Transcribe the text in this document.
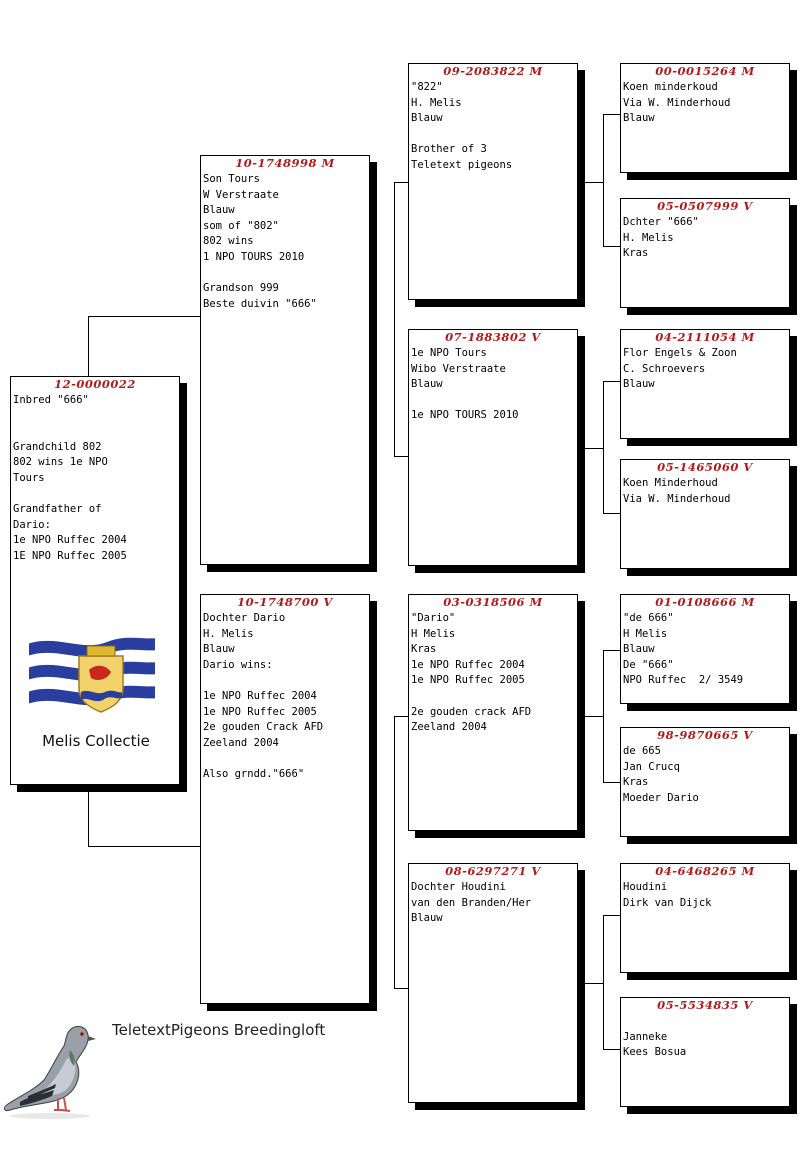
12-0000022
Inbred "666"
Grandchild 802
802 wins 1e NPO
Tours
Grandfather of
Dario:
1e NPO Ruffec 2004
1E NPO Ruffec 2005
Melis Collectie
10-1748998 M
Son Tours
W Verstraate
Blauw
som of "802"
802 wins
1 NPO TOURS 2010
Grandson 999
Beste duivin "666"
10-1748700 V
Dochter Dario
H. Melis
Blauw
Dario wins:
1e NPO Ruffec 2004
1e NPO Ruffec 2005
2e gouden Crack AFD
Zeeland 2004
Also grndd."666"
09-2083822 M
"822"
H. Melis
Blauw
Brother of 3
Teletext pigeons
07-1883802 V
1e NPO Tours
Wibo Verstraate
Blauw
1e NPO TOURS 2010
03-0318506 M
"Dario"
H Melis
Kras
1e NPO Ruffec 2004
1e NPO Ruffec 2005
2e gouden crack AFD
Zeeland 2004
08-6297271 V
Dochter Houdini
van den Branden/Her
Blauw
00-0015264 M
Koen minderkoud
Via W. Minderhoud
Blauw
05-0507999 V
Dchter "666"
H. Melis
Kras
04-2111054 M
Flor Engels & Zoon
C. Schroevers
Blauw
05-1465060 V
Koen Minderhoud
Via W. Minderhoud
01-0108666 M
"de 666"
H Melis
Blauw
De "666"
NPO Ruffec  2/ 3549
98-9870665 V
de 665
Jan Crucq
Kras
Moeder Dario
04-6468265 M
Houdini
Dirk van Dijck
05-5534835 V
Janneke
Kees Bosua
TeletextPigeons Breedingloft
